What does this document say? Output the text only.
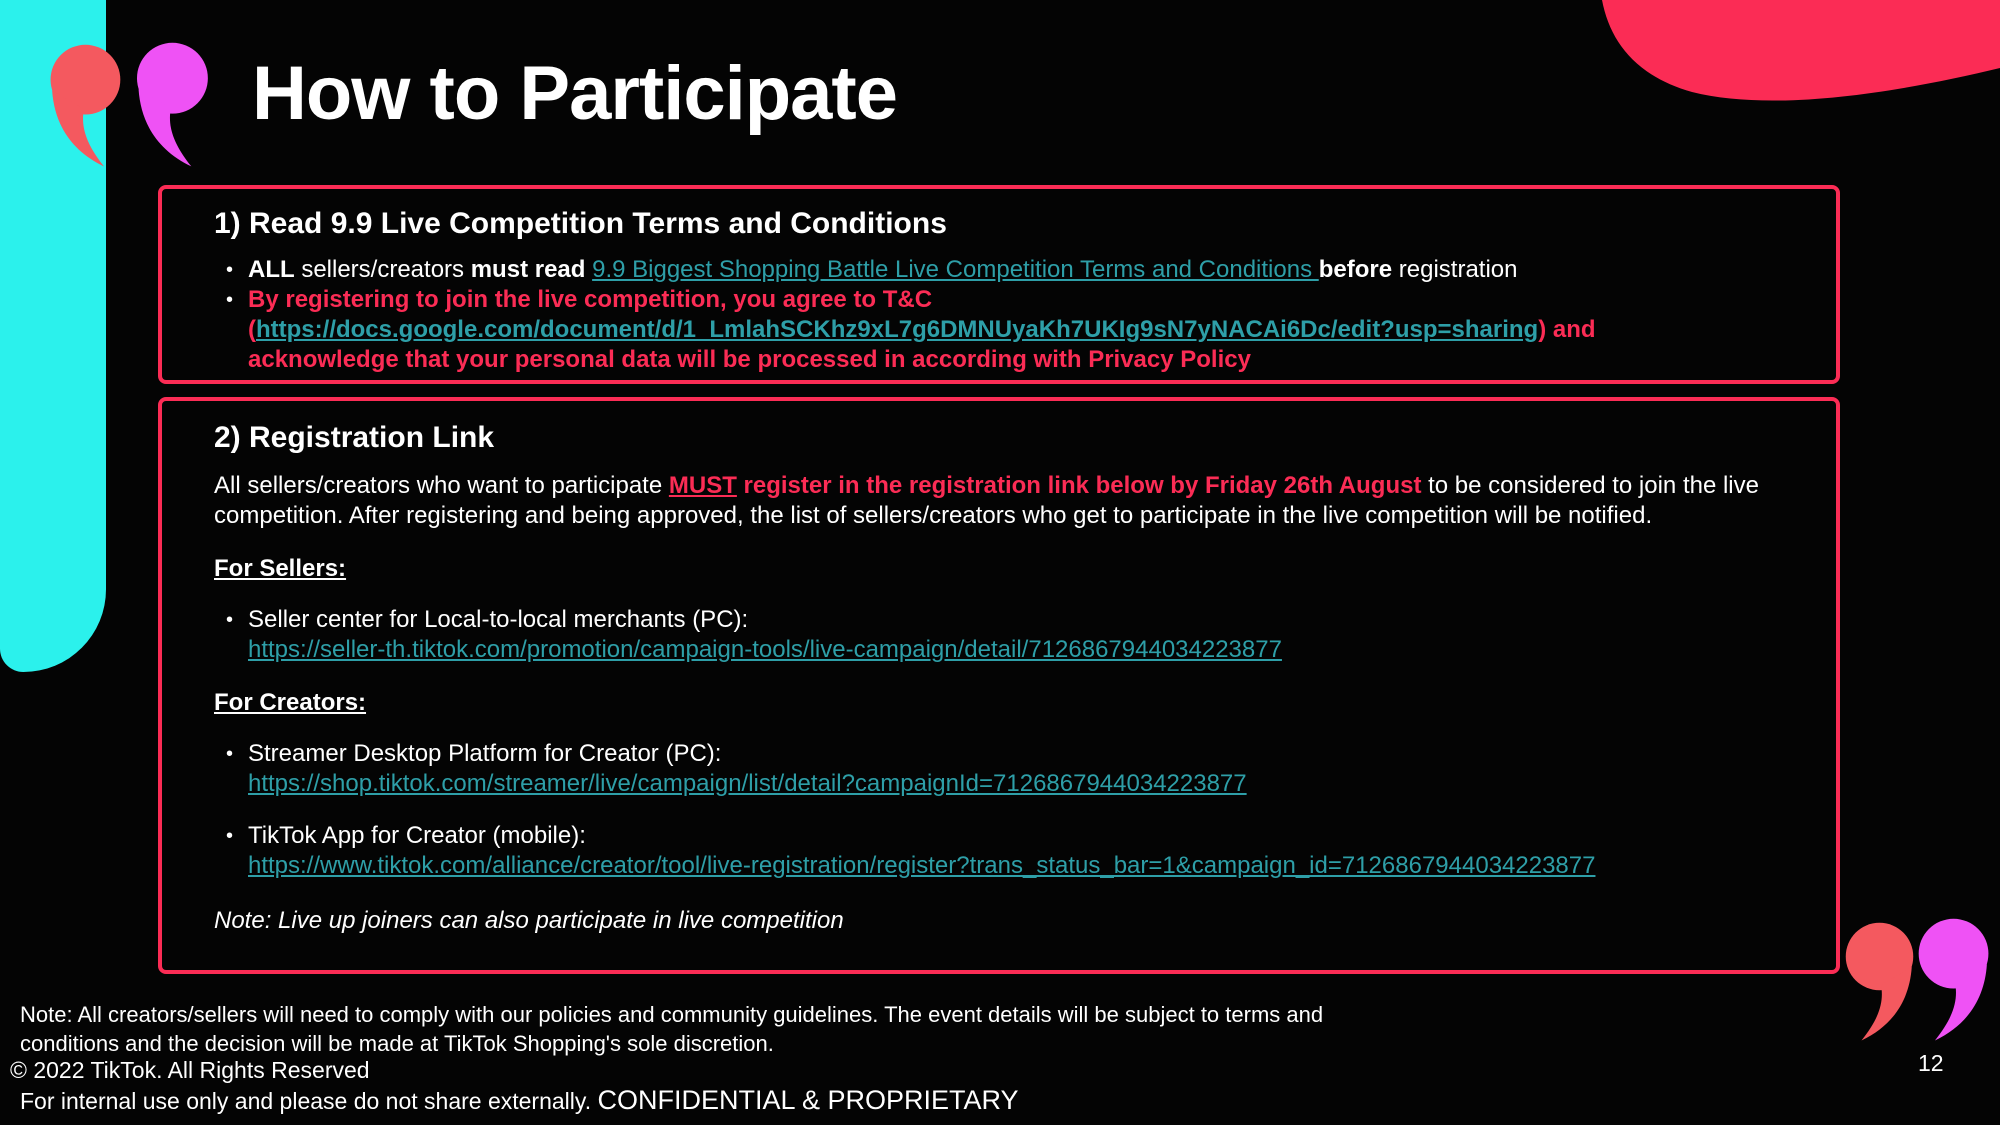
How to Participate
1) Read 9.9 Live Competition Terms and Conditions
• ALL sellers/creators must read 9.9 Biggest Shopping Battle Live Competition Terms and Conditions before registration
• By registering to join the live competition, you agree to T&C
(https://docs.google.com/document/d/1_LmlahSCKhz9xL7g6DMNUyaKh7UKIg9sN7yNACAi6Dc/edit?usp=sharing) and
acknowledge that your personal data will be processed in according with Privacy Policy
2) Registration Link
All sellers/creators who want to participate MUST register in the registration link below by Friday 26th August to be considered to join the live competition. After registering and being approved, the list of sellers/creators who get to participate in the live competition will be notified.
For Sellers:
• Seller center for Local-to-local merchants (PC):
https://seller-th.tiktok.com/promotion/campaign-tools/live-campaign/detail/7126867944034223877
For Creators:
• Streamer Desktop Platform for Creator (PC):
https://shop.tiktok.com/streamer/live/campaign/list/detail?campaignId=7126867944034223877
• TikTok App for Creator (mobile):
https://www.tiktok.com/alliance/creator/tool/live-registration/register?trans_status_bar=1&campaign_id=7126867944034223877
Note: Live up joiners can also participate in live competition
Note: All creators/sellers will need to comply with our policies and community guidelines. The event details will be subject to terms and
conditions and the decision will be made at TikTok Shopping's sole discretion.
© 2022 TikTok. All Rights Reserved
For internal use only and please do not share externally. CONFIDENTIAL & PROPRIETARY
12
